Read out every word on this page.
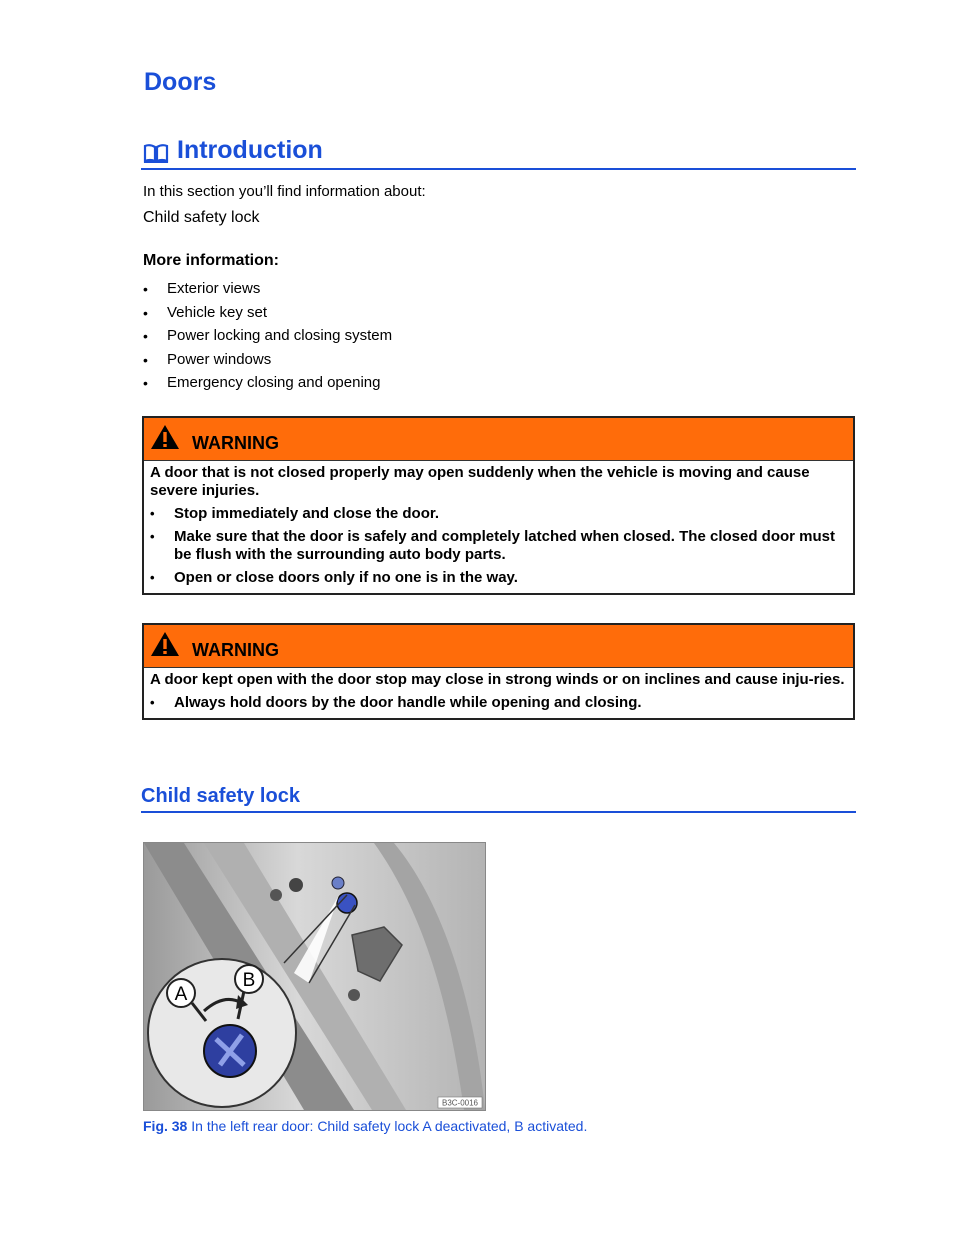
Doors
Introduction
In this section you’ll find information about:
Child safety lock
More information:
•	Exterior views
•	Vehicle key set
•	Power locking and closing system
•	Power windows
•	Emergency closing and opening
WARNING

A door that is not closed properly may open suddenly when the vehicle is moving and cause severe injuries.

•	Stop immediately and close the door.
•	Make sure that the door is safely and completely latched when closed. The closed door must be flush with the surrounding auto body parts.
•	Open or close doors only if no one is in the way.
WARNING

A door kept open with the door stop may close in strong winds or on inclines and cause inju-ries.

•	Always hold doors by the door handle while opening and closing.
Child safety lock
A
B
B3C-0016
Fig. 38 In the left rear door: Child safety lock A deactivated, B activated.
